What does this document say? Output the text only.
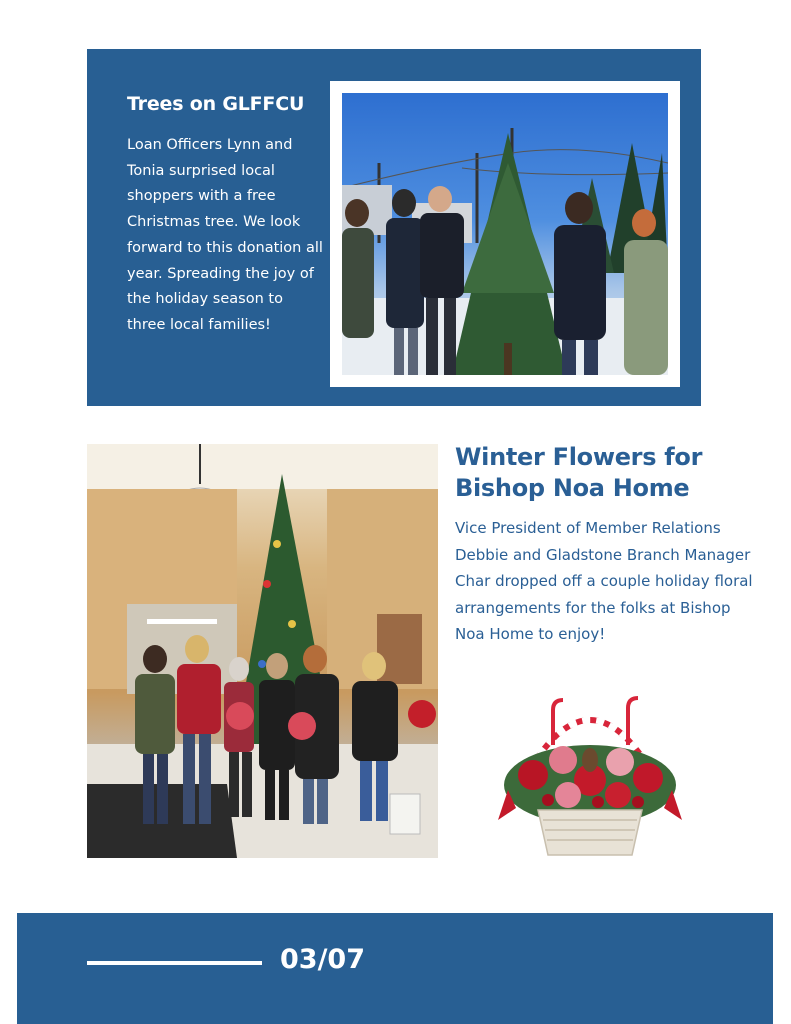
Trees on GLFFCU
Loan Officers Lynn and Tonia surprised local shoppers with a free Christmas tree. We look forward to this donation all year. Spreading the joy of the holiday season to three local families!
Winter Flowers for Bishop Noa Home
Vice President of Member Relations Debbie and Gladstone Branch Manager Char dropped off a couple holiday floral arrangements for the folks at Bishop Noa Home to enjoy!
03/07
